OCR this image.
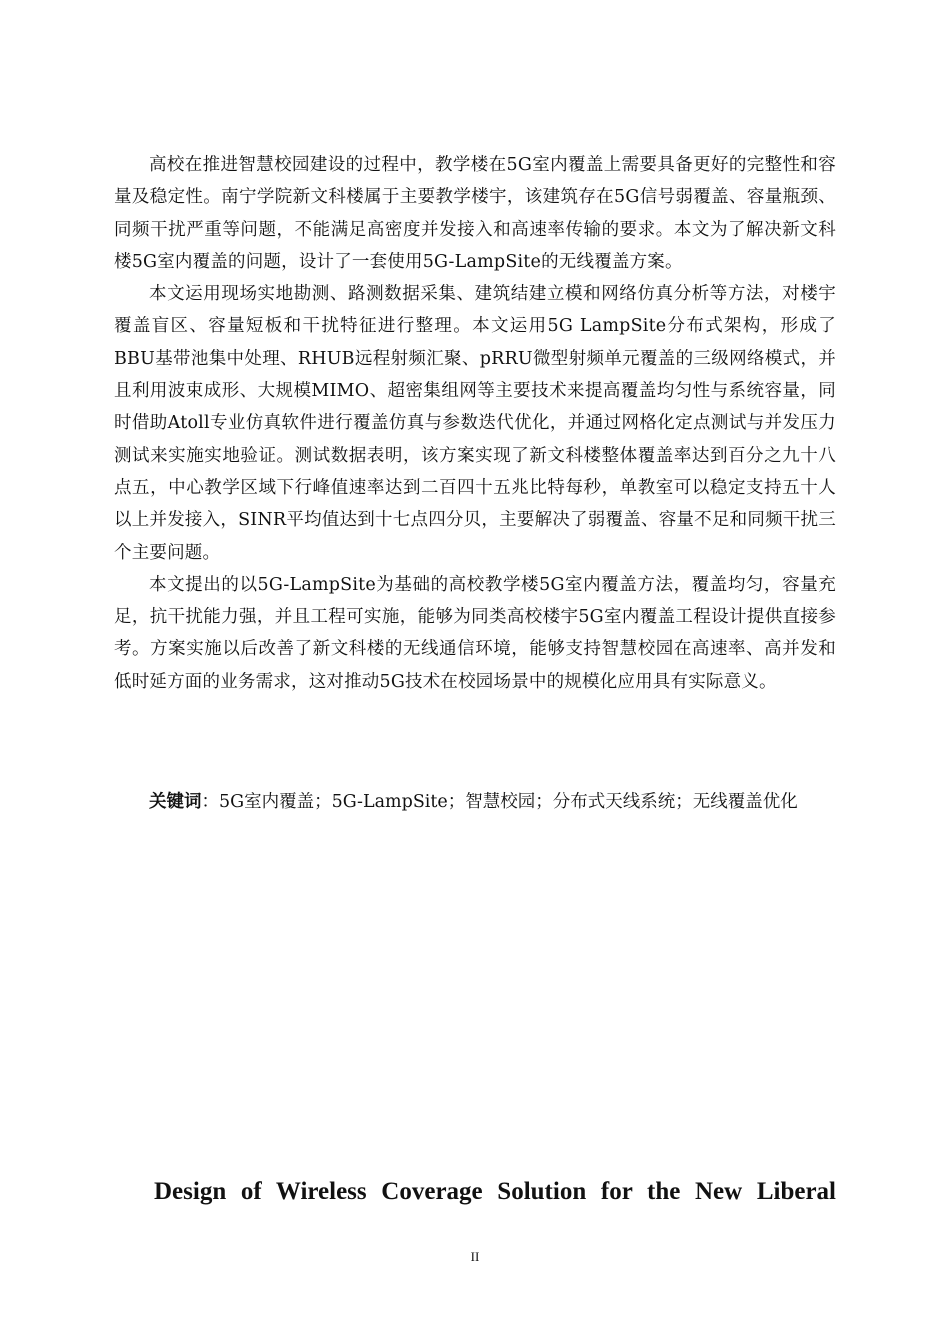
高校在推进智慧校园建设的过程中，教学楼在5G室内覆盖上需要具备更好的完整性和容量及稳定性。南宁学院新文科楼属于主要教学楼宇，该建筑存在5G信号弱覆盖、容量瓶颈、同频干扰严重等问题，不能满足高密度并发接入和高速率传输的要求。本文为了解决新文科楼5G室内覆盖的问题，设计了一套使用5G-LampSite的无线覆盖方案。

本文运用现场实地勘测、路测数据采集、建筑结建立模和网络仿真分析等方法，对楼宇覆盖盲区、容量短板和干扰特征进行整理。本文运用5G LampSite分布式架构，形成了BBU基带池集中处理、RHUB远程射频汇聚、pRRU微型射频单元覆盖的三级网络模式，并且利用波束成形、大规模MIMO、超密集组网等主要技术来提高覆盖均匀性与系统容量，同时借助Atoll专业仿真软件进行覆盖仿真与参数迭代优化，并通过网格化定点测试与并发压力测试来实施实地验证。测试数据表明，该方案实现了新文科楼整体覆盖率达到百分之九十八点五，中心教学区域下行峰值速率达到二百四十五兆比特每秒，单教室可以稳定支持五十人以上并发接入，SINR平均值达到十七点四分贝，主要解决了弱覆盖、容量不足和同频干扰三个主要问题。

本文提出的以5G-LampSite为基础的高校教学楼5G室内覆盖方法，覆盖均匀，容量充足，抗干扰能力强，并且工程可实施，能够为同类高校楼宇5G室内覆盖工程设计提供直接参考。方案实施以后改善了新文科楼的无线通信环境，能够支持智慧校园在高速率、高并发和低时延方面的业务需求，这对推动5G技术在校园场景中的规模化应用具有实际意义。

关键词：5G室内覆盖；5G-LampSite；智慧校园；分布式天线系统；无线覆盖优化

Design of Wireless Coverage Solution for the New Liberal
II
